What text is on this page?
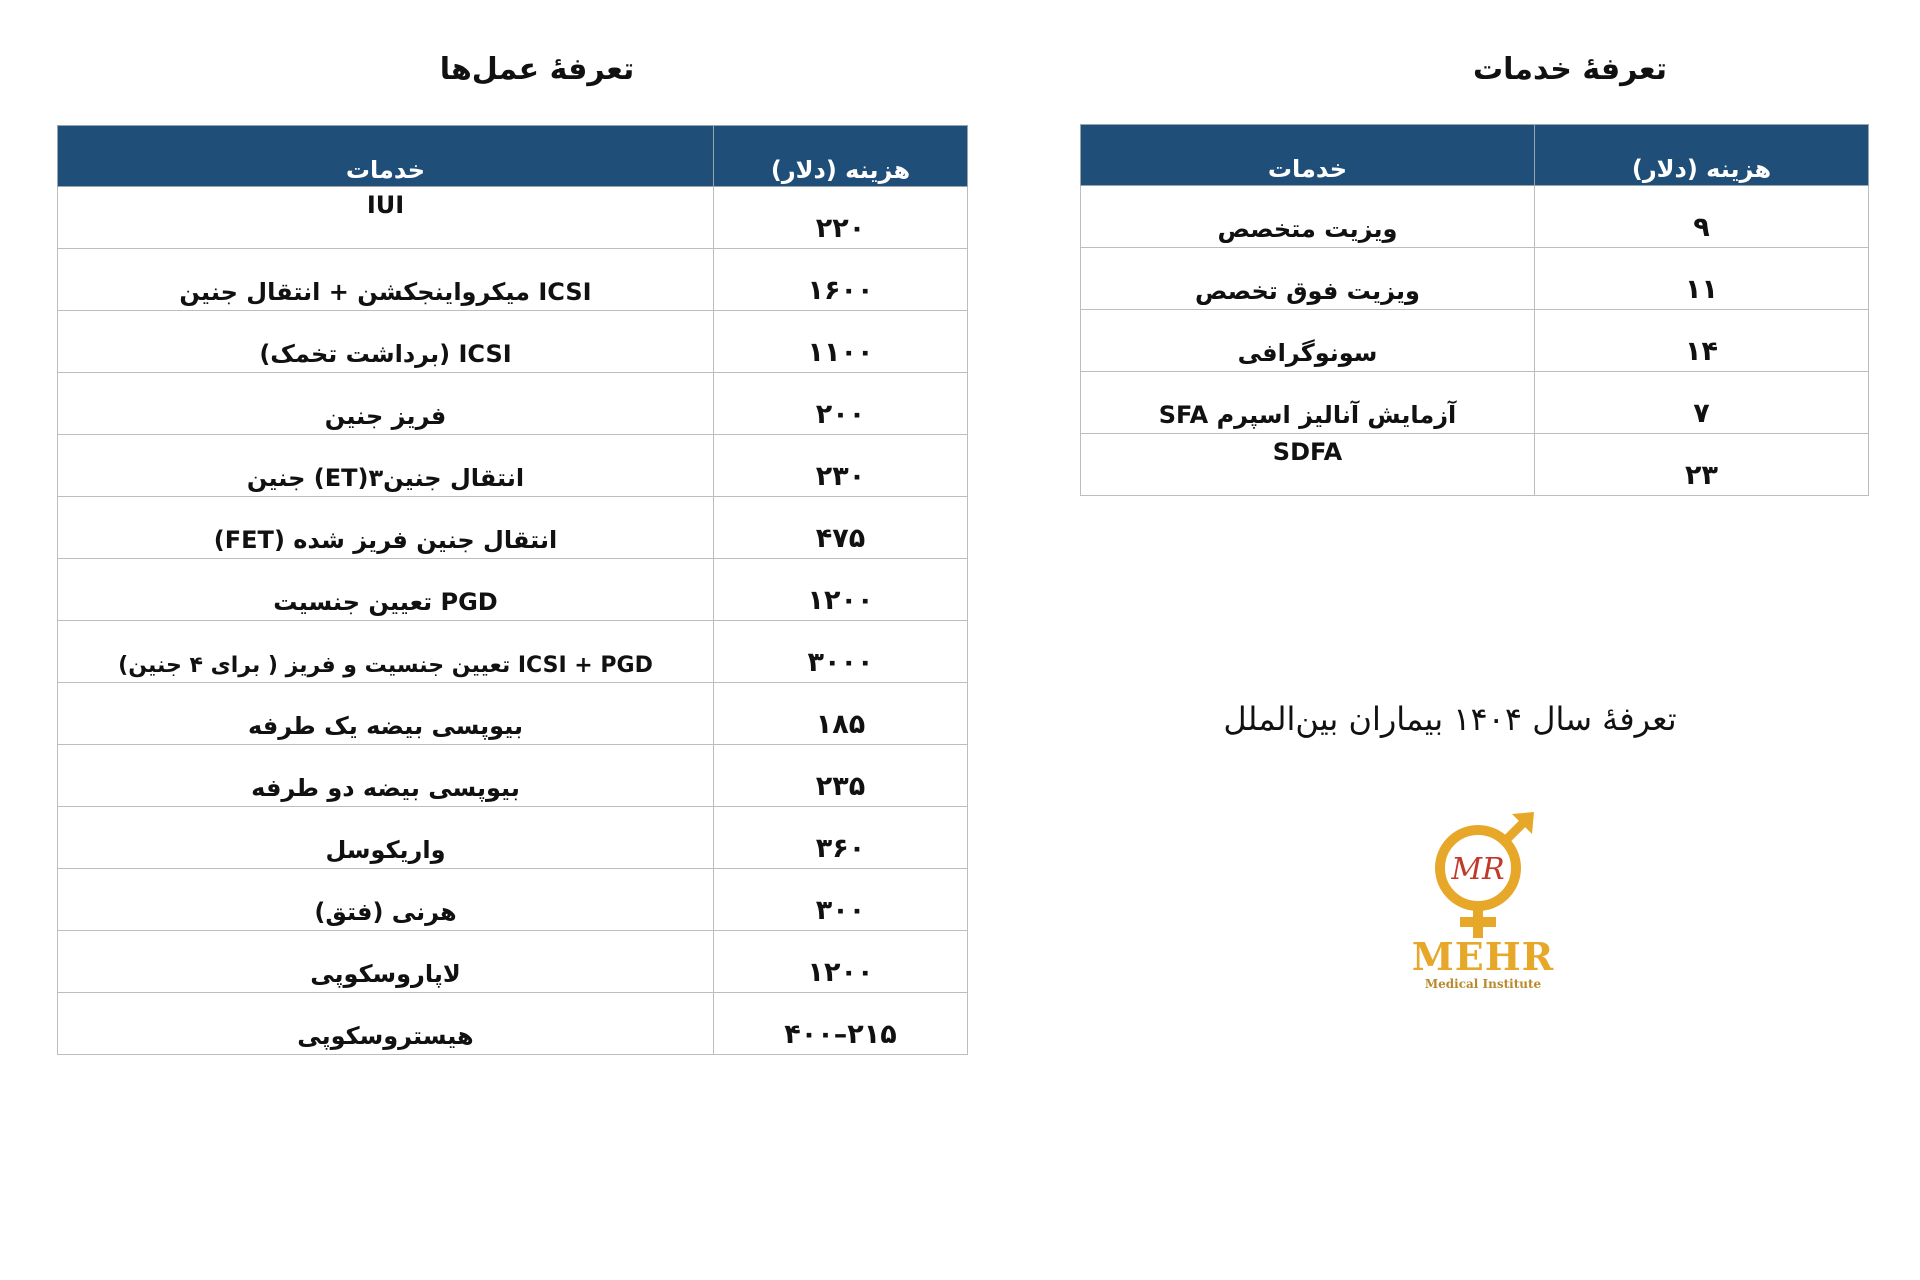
تعرفهٔ عمل‌ها	تعرفهٔ خدمات
خدمات	هزینه (دلار)
IUI	۲۲۰
ICSI میکرواینجکشن + انتقال جنین	۱۶۰۰
ICSI (برداشت تخمک)	۱۱۰۰
فریز جنین	۲۰۰
انتقال جنین۳(ET) جنین	۲۳۰
انتقال جنین فریز شده (FET)	۴۷۵
PGD تعیین جنسیت	۱۲۰۰
ICSI + PGD تعیین جنسیت و فریز ( برای ۴ جنین)	۳۰۰۰
بیوپسی بیضه یک طرفه	۱۸۵
بیوپسی بیضه دو طرفه	۲۳۵
واریکوسل	۳۶۰
هرنی (فتق)	۳۰۰
لاپاروسکوپی	۱۲۰۰
هیستروسکوپی	۲۱۵–۴۰۰
خدمات	هزینه (دلار)
ویزیت متخصص	۹
ویزیت فوق تخصص	۱۱
سونوگرافی	۱۴
آزمایش آنالیز اسپرم SFA	۷
SDFA	۲۳
تعرفهٔ سال ۱۴۰۴ بیماران بین‌الملل
MR
MEHR
Medical Institute
